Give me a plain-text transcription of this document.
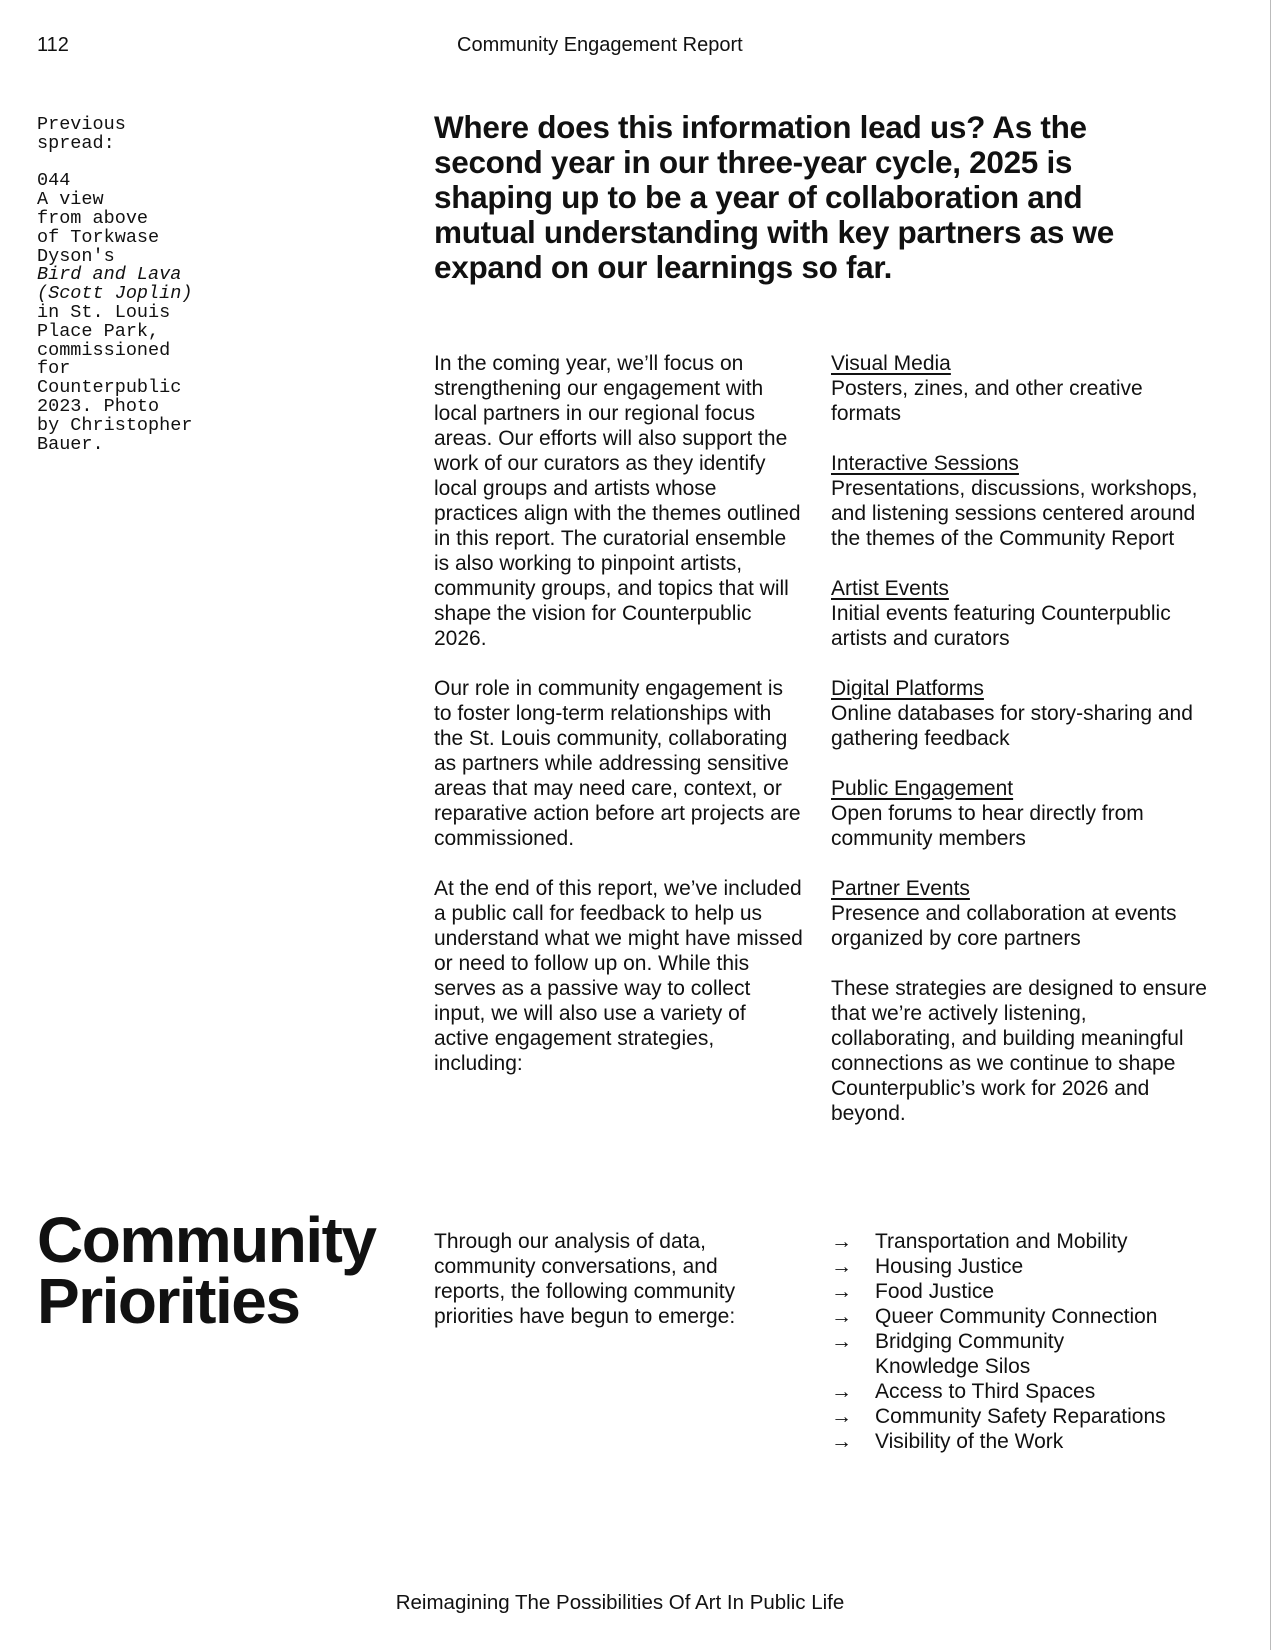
112	Community Engagement Report

Previous
spread:

044
A view
from above
of Torkwase
Dyson's
Bird and Lava
(Scott Joplin)
in St. Louis
Place Park,
commissioned
for
Counterpublic
2023. Photo
by Christopher
Bauer.

Where does this information lead us? As the second year in our three-year cycle, 2025 is shaping up to be a year of collaboration and mutual understanding with key partners as we expand on our learnings so far.

In the coming year, we’ll focus on strengthening our engagement with local partners in our regional focus areas. Our efforts will also support the work of our curators as they identify local groups and artists whose practices align with the themes outlined in this report. The curatorial ensemble is also working to pinpoint artists, community groups, and topics that will shape the vision for Counterpublic 2026.

Our role in community engagement is to foster long-term relationships with the St. Louis community, collaborating as partners while addressing sensitive areas that may need care, context, or reparative action before art projects are commissioned.

At the end of this report, we’ve included a public call for feedback to help us understand what we might have missed or need to follow up on. While this serves as a passive way to collect input, we will also use a variety of active engagement strategies, including:

Visual Media
Posters, zines, and other creative formats
Interactive Sessions
Presentations, discussions, workshops, and listening sessions centered around the themes of the Community Report
Artist Events
Initial events featuring Counterpublic artists and curators
Digital Platforms
Online databases for story-sharing and gathering feedback
Public Engagement
Open forums to hear directly from community members
Partner Events
Presence and collaboration at events organized by core partners

These strategies are designed to ensure that we’re actively listening, collaborating, and building meaningful connections as we continue to shape Counterpublic’s work for 2026 and beyond.

Community
Priorities

Through our analysis of data, community conversations, and reports, the following community priorities have begun to emerge:

→	Transportation and Mobility
→	Housing Justice
→	Food Justice
→	Queer Community Connection
→	Bridging Community Knowledge Silos
→	Access to Third Spaces
→	Community Safety Reparations
→	Visibility of the Work
Reimagining The Possibilities Of Art In Public Life
